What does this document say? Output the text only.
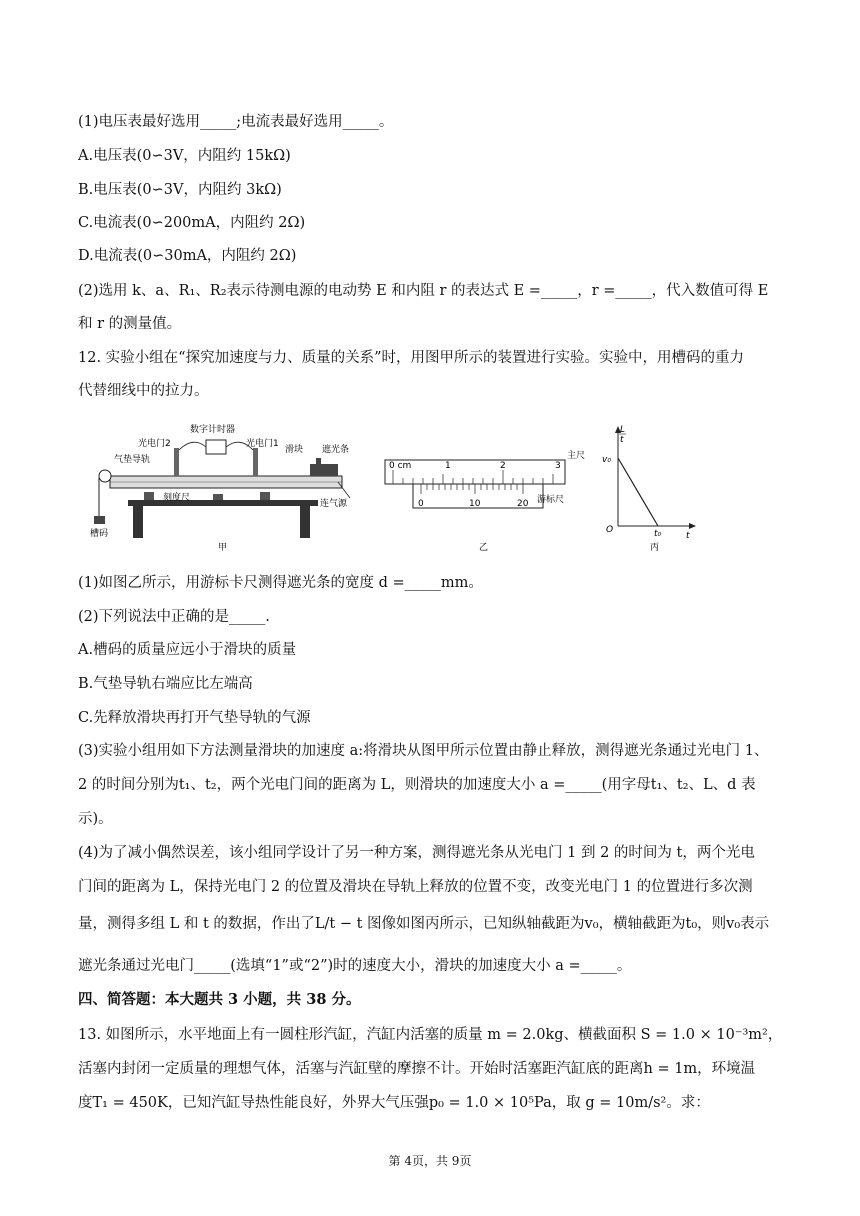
(1)电压表最好选用_____;电流表最好选用_____。
A.电压表(0∽3V，内阻约 15kΩ)
B.电压表(0∽3V，内阻约 3kΩ)
C.电流表(0∽200mA，内阻约 2Ω)
D.电流表(0∽30mA，内阻约 2Ω)
(2)选用 k、a、R₁、R₂表示待测电源的电动势 E 和内阻 r 的表达式 E =_____，r =_____，代入数值可得 E
和 r 的测量值。
12. 实验小组在“探究加速度与力、质量的关系”时，用图甲所示的装置进行实验。实验中，用槽码的重力
代替细线中的拉力。
数字计时器
光电门2	光电门1
滑块 遮光条
气垫导轨
刻度尺
连气源
槽码
甲
0 cm	1	2	3
主尺
0	10	20 游标尺
乙
L
t
v₀
O	t₀	t
丙
(1)如图乙所示，用游标卡尺测得遮光条的宽度 d =_____mm。
(2)下列说法中正确的是_____.
A.槽码的质量应远小于滑块的质量
B.气垫导轨右端应比左端高
C.先释放滑块再打开气垫导轨的气源
(3)实验小组用如下方法测量滑块的加速度 a:将滑块从图甲所示位置由静止释放，测得遮光条通过光电门 1、
2 的时间分别为t₁、t₂，两个光电门间的距离为 L，则滑块的加速度大小 a =_____(用字母t₁、t₂、L、d 表
示)。
(4)为了减小偶然误差，该小组同学设计了另一种方案，测得遮光条从光电门 1 到 2 的时间为 t，两个光电
门间的距离为 L，保持光电门 2 的位置及滑块在导轨上释放的位置不变，改变光电门 1 的位置进行多次测
量，测得多组 L 和 t 的数据，作出了L/t − t 图像如图丙所示，已知纵轴截距为v₀，横轴截距为t₀，则v₀表示
遮光条通过光电门_____(选填“1”或“2”)时的速度大小，滑块的加速度大小 a =_____。
四、简答题：本大题共 3 小题，共 38 分。
13. 如图所示，水平地面上有一圆柱形汽缸，汽缸内活塞的质量 m = 2.0kg、横截面积 S = 1.0 × 10⁻³m²，
活塞内封闭一定质量的理想气体，活塞与汽缸壁的摩擦不计。开始时活塞距汽缸底的距离h = 1m，环境温
度T₁ = 450K，已知汽缸导热性能良好，外界大气压强p₀ = 1.0 × 10⁵Pa，取 g = 10m/s²。求：
第 4页，共 9页
